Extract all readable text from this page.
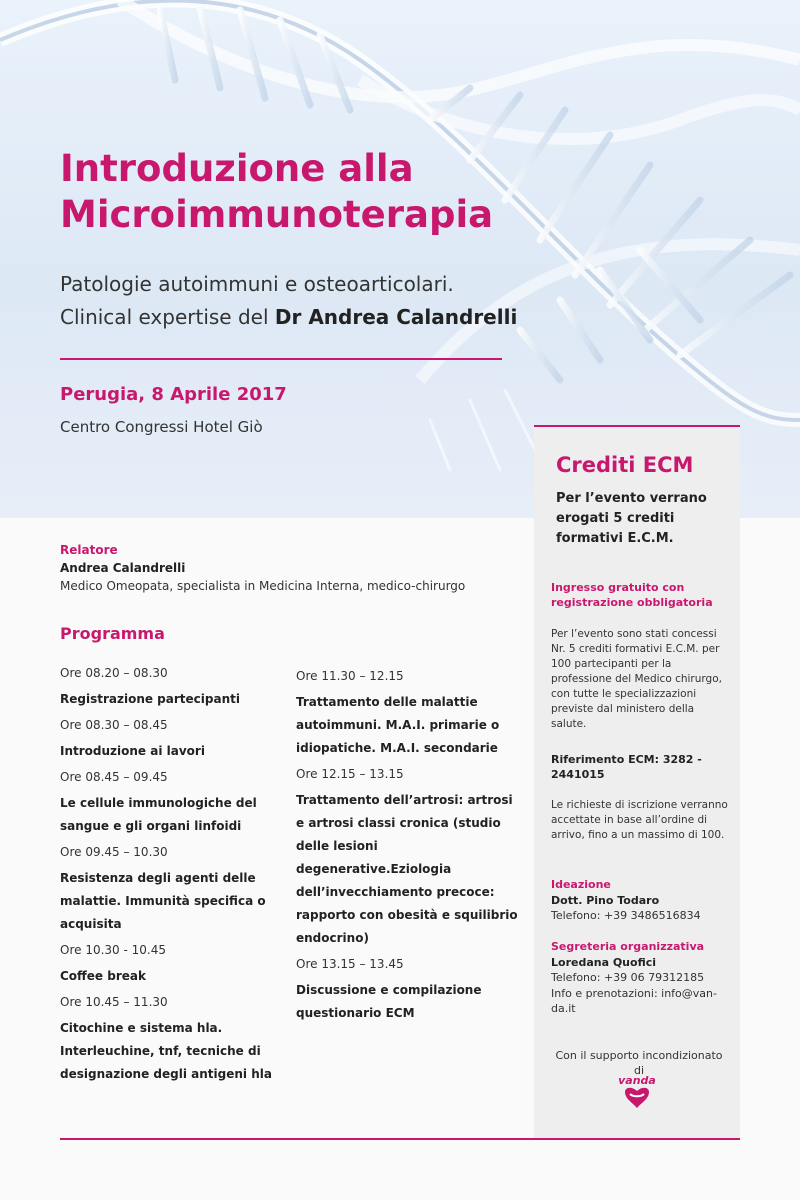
Introduzione alla
Microimmunoterapia
Patologie autoimmuni e osteoarticolari.
Clinical expertise del Dr Andrea Calandrelli
Perugia, 8 Aprile 2017
Centro Congressi Hotel Giò
Relatore
Andrea Calandrelli
Medico Omeopata, specialista in Medicina Interna, medico-chirurgo
Programma
Ore 08.20 – 08.30
Registrazione partecipanti
Ore 08.30 – 08.45
Introduzione ai lavori
Ore 08.45 – 09.45
Le cellule immunologiche del sangue e gli organi linfoidi
Ore 09.45 – 10.30
Resistenza degli agenti delle malattie. Immunità specifica o acquisita
Ore 10.30 - 10.45
Coffee break
Ore 10.45 – 11.30
Citochine e sistema hla. Interleuchine, tnf, tecniche di designazione degli antigeni hla
Ore 11.30 – 12.15
Trattamento delle malattie autoimmuni. M.A.I. primarie o idiopatiche. M.A.I. secondarie
Ore 12.15 – 13.15
Trattamento dell’artrosi: artrosi e artrosi classi cronica (studio delle lesioni degenerative.Eziologia dell’invecchiamento precoce: rapporto con obesità e squilibrio endocrino)
Ore 13.15 – 13.45
Discussione e compilazione questionario ECM
Crediti ECM
Per l’evento verrano erogati 5 crediti formativi E.C.M.
Ingresso gratuito con registrazione obbligatoria
Per l’evento sono stati concessi Nr. 5 crediti formativi E.C.M. per 100 partecipanti per la professione del Medico chirurgo, con tutte le specializzazioni previste dal ministero della salute.
Riferimento ECM: 3282 - 2441015
Le richieste di iscrizione verranno accettate in base all’ordine di arrivo, fino a un massimo di 100.
Ideazione
Dott. Pino Todaro
Telefono: +39 3486516834
Segreteria organizzativa
Loredana Quofici
Telefono: +39 06 79312185
Info e prenotazioni: info@van-da.it
Con il supporto incondizionato di
vanda
